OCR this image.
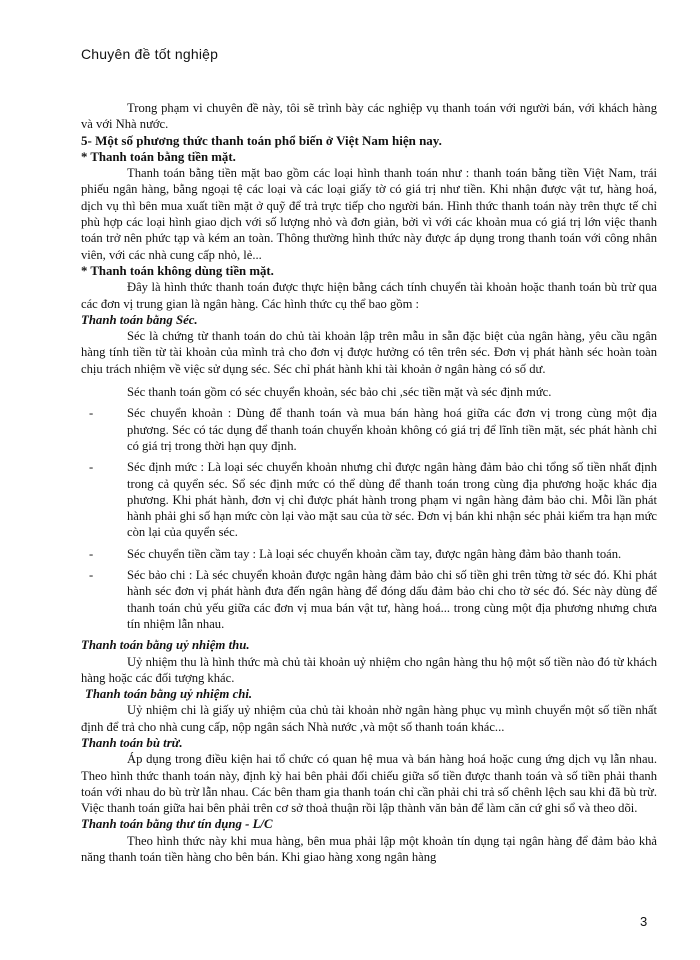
Chuyên đề tốt nghiệp

Trong phạm vi chuyên đề này, tôi sẽ trình bày các nghiệp vụ thanh toán với người bán, với khách hàng và với Nhà nước.

5- Một số phương thức thanh toán phổ biến ở Việt Nam hiện nay.

* Thanh toán bằng tiền mặt.

Thanh toán bằng tiền mặt bao gồm các loại hình thanh toán như : thanh toán bằng tiền Việt Nam, trái phiếu ngân hàng, bằng ngoại tệ các loại và các loại giấy tờ có giá trị như tiền. Khi nhận được vật tư, hàng hoá, dịch vụ thì bên mua xuất tiền mặt ở quỹ để trả trực tiếp cho người bán. Hình thức thanh toán này trên thực tế chỉ phù hợp các loại hình giao dịch với số lượng nhỏ và đơn giản, bởi vì với các khoản mua có giá trị lớn việc thanh toán trở nên phức tạp và kém an toàn. Thông thường hình thức này được áp dụng trong thanh toán với công nhân viên, với các nhà cung cấp nhỏ, lẻ...

* Thanh toán không dùng tiền mặt.

Đây là hình thức thanh toán được thực hiện bằng cách tính chuyển tài khoản hoặc thanh toán bù trừ qua các đơn vị trung gian là ngân hàng. Các hình thức cụ thể bao gồm :

Thanh toán bằng Séc.

Séc là chứng từ thanh toán do chủ tài khoản lập trên mẫu in sẵn đặc biệt của ngân hàng, yêu cầu ngân hàng tính tiền từ tài khoản của mình trả cho đơn vị được hưởng có tên trên séc. Đơn vị phát hành séc hoàn toàn chịu trách nhiệm về việc sử dụng séc. Séc chỉ phát hành khi tài khoản ở ngân hàng có số dư.

Séc thanh toán gồm có séc chuyển khoản, séc bảo chi ,séc tiền mặt và séc định mức.

-	Séc chuyển khoản : Dùng để thanh toán và mua bán hàng hoá giữa các đơn vị trong cùng một địa phương. Séc có tác dụng để thanh toán chuyển khoản không có giá trị để lĩnh tiền mặt, séc phát hành chỉ có giá trị trong thời hạn quy định.
-	Séc định mức : Là loại séc chuyển khoản nhưng chỉ được ngân hàng đảm bảo chi tổng số tiền nhất định trong cả quyển séc. Sổ séc định mức có thể dùng để thanh toán trong cùng địa phương hoặc khác địa phương. Khi phát hành, đơn vị chỉ được phát hành trong phạm vi ngân hàng đảm bảo chi. Mỗi lần phát hành phải ghi số hạn mức còn lại vào mặt sau của tờ séc. Đơn vị bán khi nhận séc phải kiểm tra hạn mức còn lại của quyển séc.
-	Séc chuyển tiền cầm tay : Là loại séc chuyển khoản cầm tay, được ngân hàng đảm bảo thanh toán.
-	Séc bảo chi : Là séc chuyển khoản được ngân hàng đảm bảo chi số tiền ghi trên từng tờ séc đó. Khi phát hành séc đơn vị phát hành đưa đến ngân hàng để đóng dấu đảm bảo chi cho tờ séc đó. Séc này dùng để thanh toán chủ yếu giữa các đơn vị mua bán vật tư, hàng hoá... trong cùng một địa phương nhưng chưa tín nhiệm lẫn nhau.

Thanh toán bằng uỷ nhiệm thu.

Uỷ nhiệm thu là hình thức mà chủ tài khoản uỷ nhiệm cho ngân hàng thu hộ một số tiền nào đó từ khách hàng hoặc các đối tượng khác.

Thanh toán bằng uỷ nhiệm chi.

Uỷ nhiệm chi là giấy uỷ nhiệm của chủ tài khoản nhờ ngân hàng phục vụ mình chuyển một số tiền nhất định để trả cho nhà cung cấp, nộp ngân sách Nhà nước ,và một số thanh toán khác...

Thanh toán bù trừ.

Áp dụng trong điều kiện hai tổ chức có quan hệ mua và bán hàng hoá hoặc cung ứng dịch vụ lẫn nhau. Theo hình thức thanh toán này, định kỳ hai bên phải đối chiếu giữa số tiền được thanh toán và số tiền phải thanh toán với nhau do bù trừ lẫn nhau. Các bên tham gia thanh toán chỉ cần phải chi trả số chênh lệch sau khi đã bù trừ. Việc thanh toán giữa hai bên phải trên cơ sở thoả thuận rồi lập thành văn bản để làm căn cứ ghi sổ và theo dõi.

Thanh toán bằng thư tín dụng - L/C

Theo hình thức này khi mua hàng, bên mua phải lập một khoản tín dụng tại ngân hàng để đảm bảo khả năng thanh toán tiền hàng cho bên bán. Khi giao hàng xong ngân hàng

3
